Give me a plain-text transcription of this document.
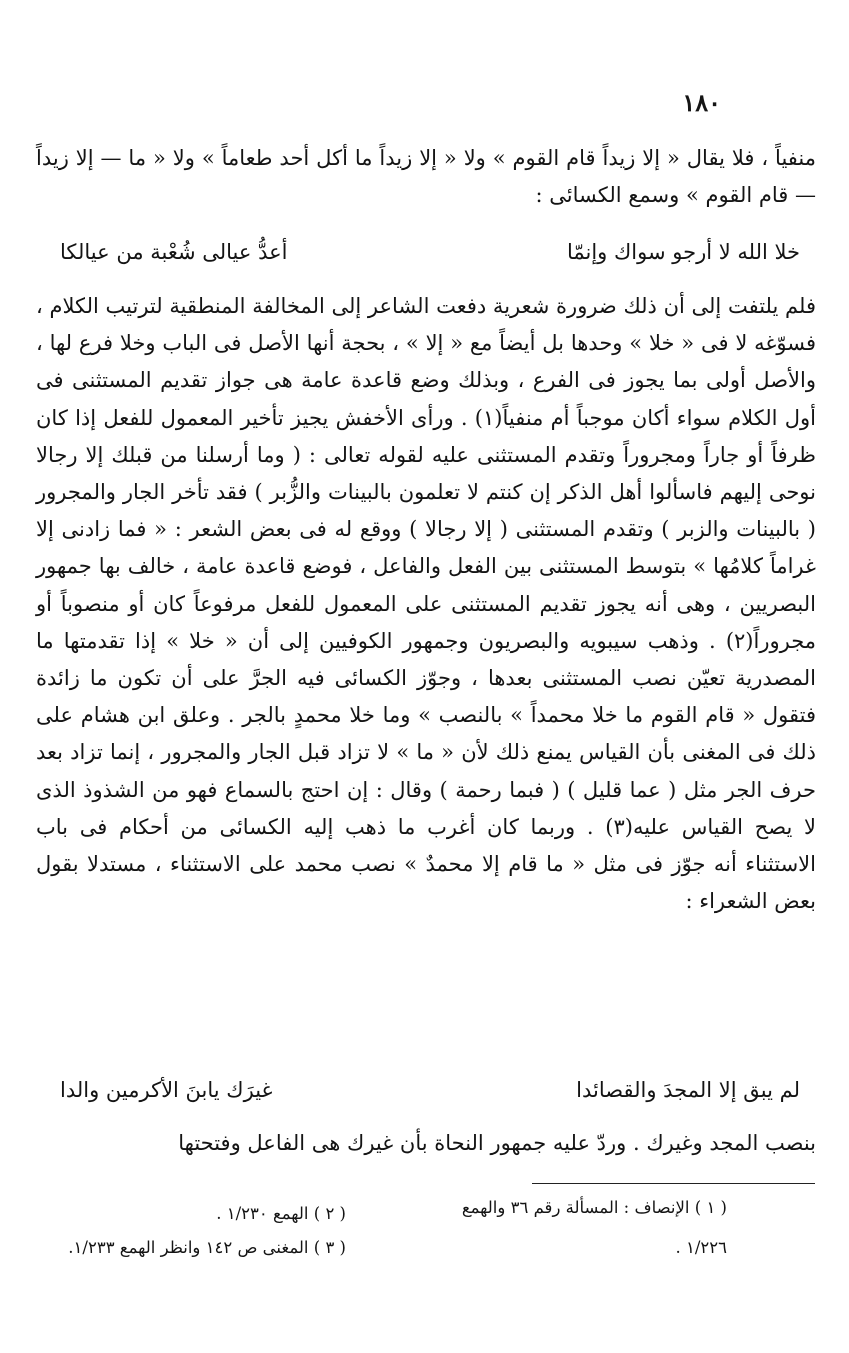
١٨٠

منفياً ، فلا يقال « إلا زيداً قام القوم » ولا « إلا زيداً ما أكل أحد طعاماً » ولا « ما — إلا زيداً — قام القوم » وسمع الكسائى :

خلا الله لا أرجو سواك وإنمّا
أعدُّ عيالى شُعْبة من عيالكا

فلم يلتفت إلى أن ذلك ضرورة شعرية دفعت الشاعر إلى المخالفة المنطقية لترتيب الكلام ، فسوّغه لا فى « خلا » وحدها بل أيضاً مع « إلا » ، بحجة أنها الأصل فى الباب وخلا فرع لها ، والأصل أولى بما يجوز فى الفرع ، وبذلك وضع قاعدة عامة هى جواز تقديم المستثنى فى أول الكلام سواء أكان موجباً أم منفياً(١) . ورأى الأخفش يجيز تأخير المعمول للفعل إذا كان ظرفاً أو جاراً ومجروراً وتقدم المستثنى عليه لقوله تعالى : ( وما أرسلنا من قبلك إلا رجالا نوحى إليهم فاسألوا أهل الذكر إن كنتم لا تعلمون بالبينات والزُّبر ) فقد تأخر الجار والمجرور ( بالبينات والزبر ) وتقدم المستثنى ( إلا رجالا ) ووقع له فى بعض الشعر : « فما زادنى إلا غراماً كلامُها » بتوسط المستثنى بين الفعل والفاعل ، فوضع قاعدة عامة ، خالف بها جمهور البصريين ، وهى أنه يجوز تقديم المستثنى على المعمول للفعل مرفوعاً كان أو منصوباً أو مجروراً(٢) . وذهب سيبويه والبصريون وجمهور الكوفيين إلى أن « خلا » إذا تقدمتها ما المصدرية تعيّن نصب المستثنى بعدها ، وجوّز الكسائى فيه الجرَّ على أن تكون ما زائدة فتقول « قام القوم ما خلا محمداً » بالنصب » وما خلا محمدٍ بالجر . وعلق ابن هشام على ذلك فى المغنى بأن القياس يمنع ذلك لأن « ما » لا تزاد قبل الجار والمجرور ، إنما تزاد بعد حرف الجر مثل ( عما قليل ) ( فبما رحمة ) وقال : إن احتج بالسماع فهو من الشذوذ الذى لا يصح القياس عليه(٣) . وربما كان أغرب ما ذهب إليه الكسائى من أحكام فى باب الاستثناء أنه جوّز فى مثل « ما قام إلا محمدٌ » نصب محمد على الاستثناء ، مستدلا بقول بعض الشعراء :

لم يبق إلا المجدَ والقصائدا
غيرَك يابنَ الأكرمين والدا

بنصب المجد وغيرك . وردّ عليه جمهور النحاة بأن غيرك هى الفاعل وفتحتها

( ١ ) الإنصاف : المسألة رقم ٣٦ والهمع
١/٢٢٦ .
( ٢ ) الهمع ١/٢٣٠ .
( ٣ ) المغنى ص ١٤٢ وانظر الهمع ١/٢٣٣.
